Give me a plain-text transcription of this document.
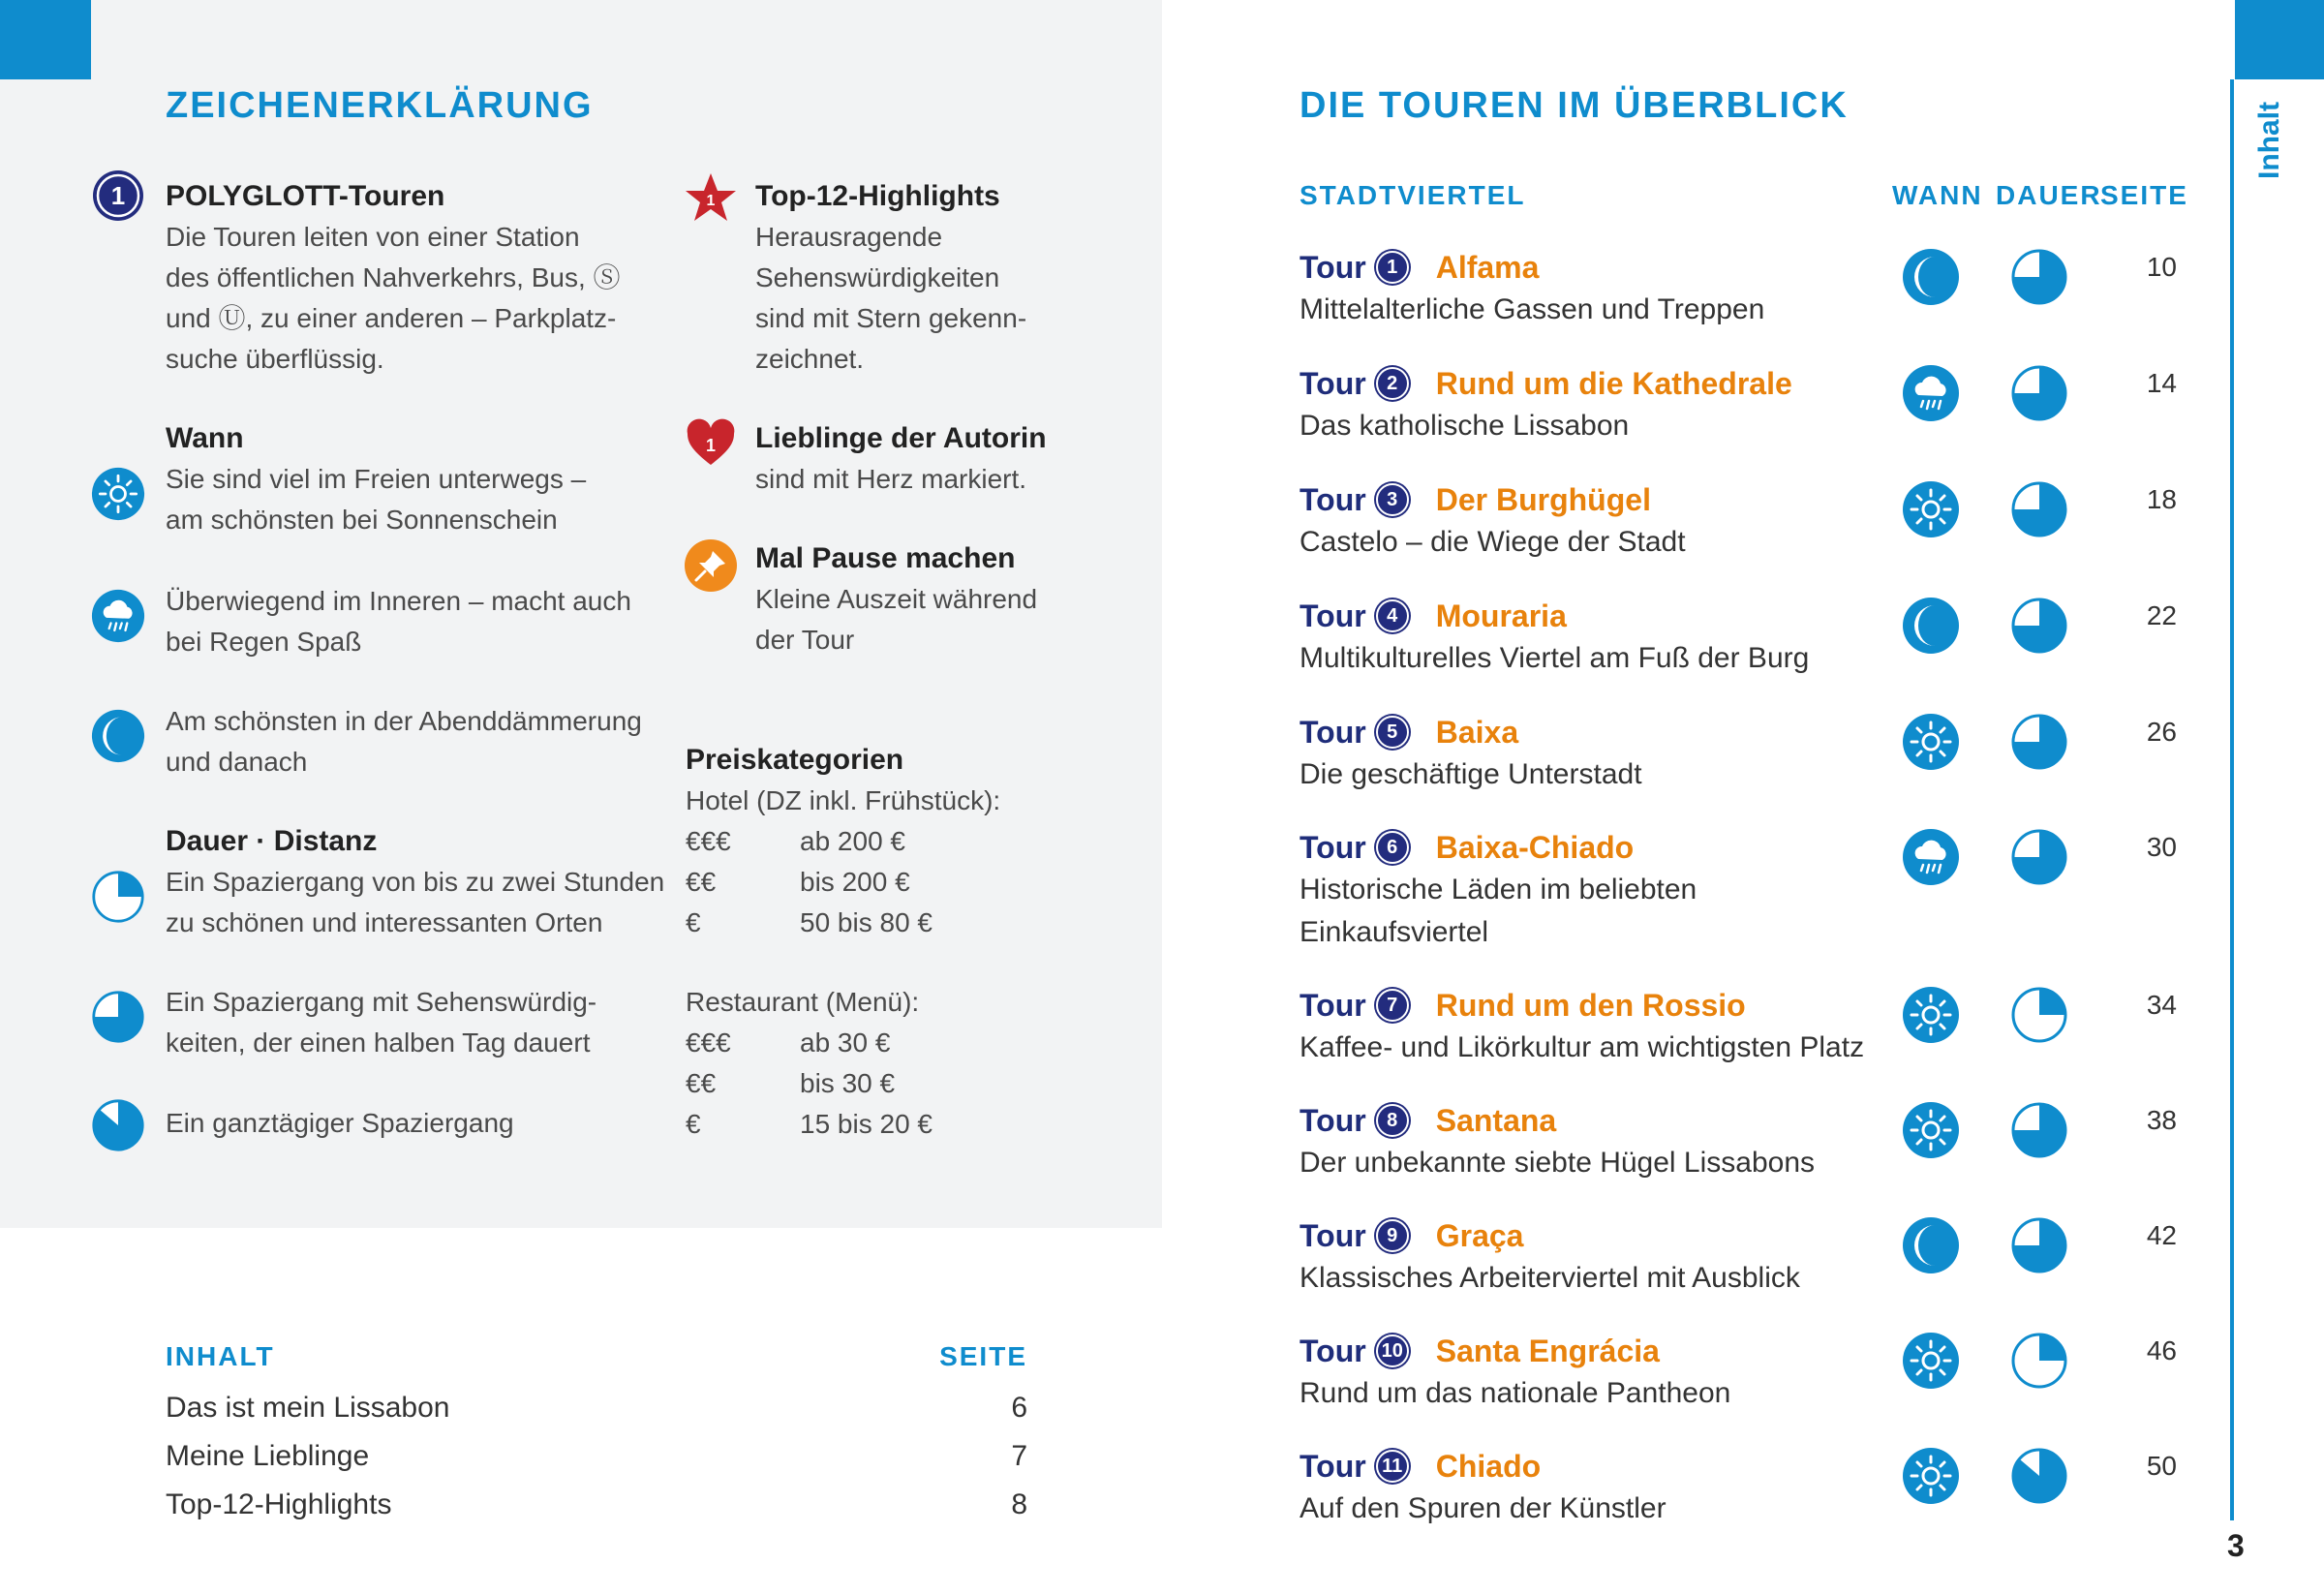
Inhalt
3
ZEICHENERKLÄRUNG
1 POLYGLOTT-Touren
Die Touren leiten von einer Station
des öffentlichen Nahverkehrs, Bus, Ⓢ
und Ⓤ, zu einer anderen – Parkplatz-
suche überflüssig.
Wann
Sie sind viel im Freien unterwegs –
am schönsten bei Sonnenschein
Überwiegend im Inneren – macht auch
bei Regen Spaß
Am schönsten in der Abenddämmerung
und danach
Dauer · Distanz
Ein Spaziergang von bis zu zwei Stunden
zu schönen und interessanten Orten
Ein Spaziergang mit Sehenswürdig-
keiten, der einen halben Tag dauert
Ein ganztägiger Spaziergang
1 Top-12-Highlights
Herausragende
Sehenswürdigkeiten
sind mit Stern gekenn-
zeichnet.
1 Lieblinge der Autorin
sind mit Herz markiert.
Mal Pause machen
Kleine Auszeit während
der Tour
Preiskategorien
Hotel (DZ inkl. Frühstück):
€€€	ab 200 €
€€	bis 200 €
€	50 bis 80 €
Restaurant (Menü):
€€€	ab 30 €
€€	bis 30 €
€	15 bis 20 €
INHALT	SEITE
Das ist mein Lissabon	6
Meine Lieblinge	7
Top-12-Highlights	8
DIE TOUREN IM ÜBERBLICK
STADTVIERTEL	WANN DAUER
SEITE
Tour	1	Alfama
Mittelalterliche Gassen und Treppen
10
Tour	2	Rund um die Kathedrale
Das katholische Lissabon
14
Tour	3	Der Burghügel
Castelo – die Wiege der Stadt
18
Tour	4	Mouraria
Multikulturelles Viertel am Fuß der Burg
22
Tour	5	Baixa
Die geschäftige Unterstadt
26
Tour	6	Baixa-Chiado
Historische Läden im beliebten
Einkaufsviertel
30
Tour	7	Rund um den Rossio
Kaffee- und Likörkultur am wichtigsten Platz
34
Tour	8	Santana
Der unbekannte siebte Hügel Lissabons
38
Tour	9	Graça
Klassisches Arbeiterviertel mit Ausblick
42
Tour 10 Santa Engrácia
Rund um das nationale Pantheon
46
Tour 11 Chiado
Auf den Spuren der Künstler
50
